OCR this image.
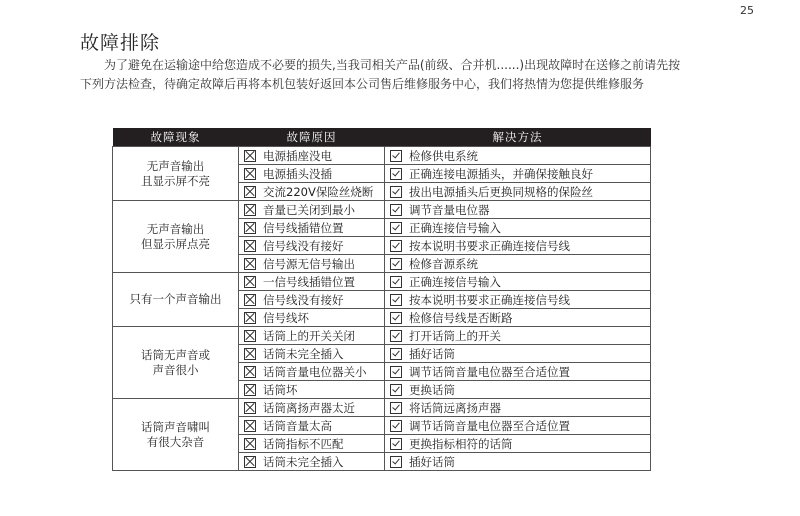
25
故障排除
为了避免在运输途中给您造成不必要的损失,当我司相关产品(前级、合并机......)出现故障时在送修之前请先按下列方法检查，待确定故障后再将本机包装好返回本公司售后维修服务中心，我们将热情为您提供维修服务
故障现象	故障原因	解决方法

无声音输出
且显示屏不亮	电源插座没电	检修供电系统
	电源插头没插	正确连接电源插头，并确保接触良好
	交流220V保险丝烧断	拔出电源插头后更换同规格的保险丝

无声音输出
但显示屏点亮	音量已关闭到最小	调节音量电位器
	信号线插错位置	正确连接信号输入
	信号线没有接好	按本说明书要求正确连接信号线
	信号源无信号输出	检修音源系统

只有一个声音输出	一信号线插错位置	正确连接信号输入
	信号线没有接好	按本说明书要求正确连接信号线
	信号线坏	检修信号线是否断路

话筒无声音或
声音很小	话筒上的开关关闭	打开话筒上的开关
	话筒未完全插入	插好话筒
	话筒音量电位器关小	调节话筒音量电位器至合适位置
	话筒坏	更换话筒

话筒声音啸叫
有很大杂音	话筒离扬声器太近	将话筒远离扬声器
	话筒音量太高	调节话筒音量电位器至合适位置
	话筒指标不匹配	更换指标相符的话筒
	话筒未完全插入	插好话筒
